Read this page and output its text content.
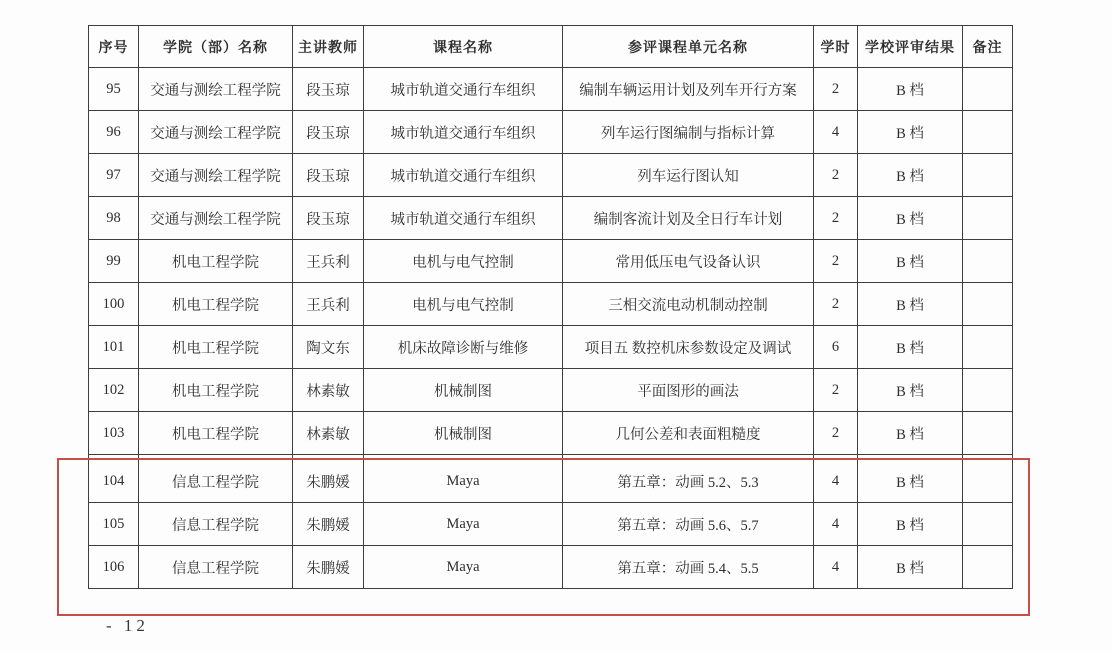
序号	学院（部）名称	主讲教师	课程名称	参评课程单元名称	学时	学校评审结果	备注
95	交通与测绘工程学院	段玉琼	城市轨道交通行车组织	编制车辆运用计划及列车开行方案	2	B 档	
96	交通与测绘工程学院	段玉琼	城市轨道交通行车组织	列车运行图编制与指标计算	4	B 档	
97	交通与测绘工程学院	段玉琼	城市轨道交通行车组织	列车运行图认知	2	B 档	
98	交通与测绘工程学院	段玉琼	城市轨道交通行车组织	编制客流计划及全日行车计划	2	B 档	
99	机电工程学院	王兵利	电机与电气控制	常用低压电气设备认识	2	B 档	
100	机电工程学院	王兵利	电机与电气控制	三相交流电动机制动控制	2	B 档	
101	机电工程学院	陶文东	机床故障诊断与维修	项目五 数控机床参数设定及调试	6	B 档	
102	机电工程学院	林素敏	机械制图	平面图形的画法	2	B 档	
103	机电工程学院	林素敏	机械制图	几何公差和表面粗糙度	2	B 档	

104	信息工程学院	朱鹏媛	Maya	第五章：动画 5.2、5.3	4	B 档	
105	信息工程学院	朱鹏媛	Maya	第五章：动画 5.6、5.7	4	B 档	
106	信息工程学院	朱鹏媛	Maya	第五章：动画 5.4、5.5	4	B 档	
- 12
